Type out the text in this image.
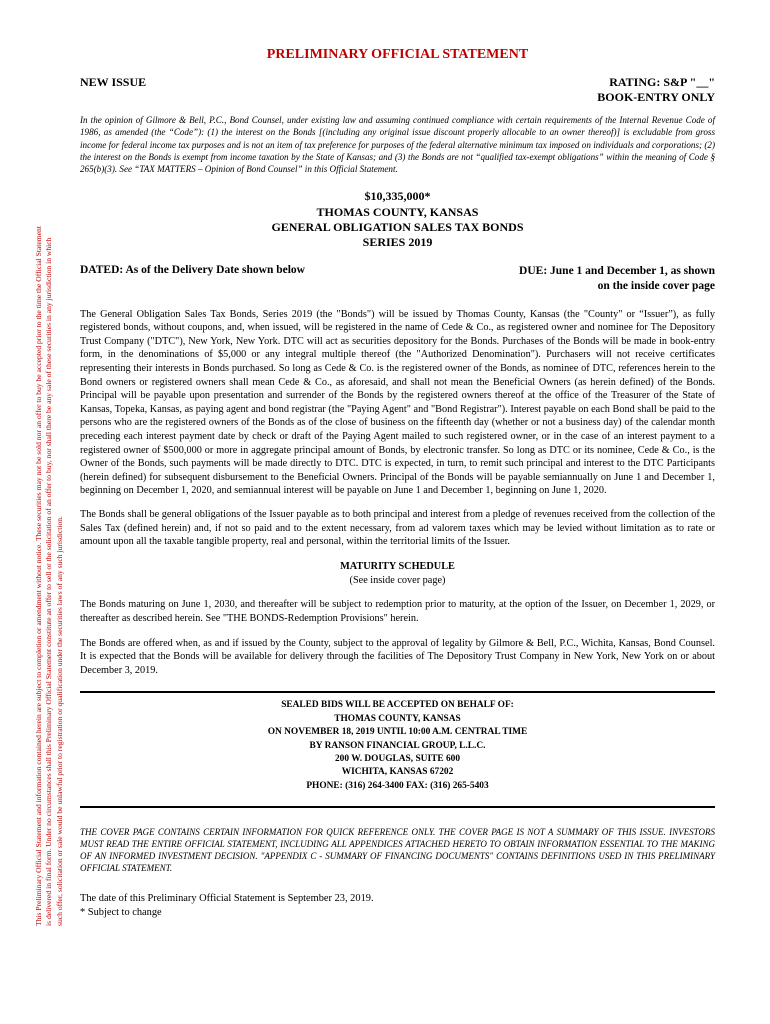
This Preliminary Official Statement and information contained herein are subject to completion or amendment without notice. These securities may not be sold nor an offer to buy be accepted prior to the time the Official Statement is delivered in final form. Under no circumstances shall this Preliminary Official Statement constitute an offer to sell or the solicitation of an offer to buy, nor shall there be any sale of these securities in any jurisdiction in which such offer, solicitation or sale would be unlawful prior to registration or qualification under the securities laws of any such jurisdiction.

PRELIMINARY OFFICIAL STATEMENT
NEW ISSUE	RATING: S&P "__"
BOOK-ENTRY ONLY
In the opinion of Gilmore & Bell, P.C., Bond Counsel, under existing law and assuming continued compliance with certain requirements of the Internal Revenue Code of 1986, as amended (the “Code”): (1) the interest on the Bonds [(including any original issue discount properly allocable to an owner thereof)] is excludable from gross income for federal income tax purposes and is not an item of tax preference for purposes of the federal alternative minimum tax imposed on individuals and corporations; (2) the interest on the Bonds is exempt from income taxation by the State of Kansas; and (3) the Bonds are not “qualified tax-exempt obligations” within the meaning of Code § 265(b)(3). See “TAX MATTERS – Opinion of Bond Counsel” in this Official Statement.
$10,335,000*
THOMAS COUNTY, KANSAS
GENERAL OBLIGATION SALES TAX BONDS
SERIES 2019
DATED: As of the Delivery Date shown below	DUE: June 1 and December 1, as shown
on the inside cover page
The General Obligation Sales Tax Bonds, Series 2019 (the "Bonds") will be issued by Thomas County, Kansas (the "County" or “Issuer”), as fully registered bonds, without coupons, and, when issued, will be registered in the name of Cede & Co., as registered owner and nominee for The Depository Trust Company ("DTC"), New York, New York. DTC will act as securities depository for the Bonds. Purchases of the Bonds will be made in book-entry form, in the denominations of $5,000 or any integral multiple thereof (the "Authorized Denomination"). Purchasers will not receive certificates representing their interests in Bonds purchased. So long as Cede & Co. is the registered owner of the Bonds, as nominee of DTC, references herein to the Bond owners or registered owners shall mean Cede & Co., as aforesaid, and shall not mean the Beneficial Owners (as herein defined) of the Bonds. Principal will be payable upon presentation and surrender of the Bonds by the registered owners thereof at the office of the Treasurer of the State of Kansas, Topeka, Kansas, as paying agent and bond registrar (the "Paying Agent" and "Bond Registrar"). Interest payable on each Bond shall be paid to the persons who are the registered owners of the Bonds as of the close of business on the fifteenth day (whether or not a business day) of the calendar month preceding each interest payment date by check or draft of the Paying Agent mailed to such registered owner, or in the case of an interest payment to a registered owner of $500,000 or more in aggregate principal amount of Bonds, by electronic transfer. So long as DTC or its nominee, Cede & Co., is the Owner of the Bonds, such payments will be made directly to DTC. DTC is expected, in turn, to remit such principal and interest to the DTC Participants (herein defined) for subsequent disbursement to the Beneficial Owners. Principal of the Bonds will be payable semiannually on June 1 and December 1, beginning on December 1, 2020, and semiannual interest will be payable on June 1 and December 1, beginning on June 1, 2020.
The Bonds shall be general obligations of the Issuer payable as to both principal and interest from a pledge of revenues received from the collection of the Sales Tax (defined herein) and, if not so paid and to the extent necessary, from ad valorem taxes which may be levied without limitation as to rate or amount upon all the taxable tangible property, real and personal, within the territorial limits of the Issuer.
MATURITY SCHEDULE
(See inside cover page)
The Bonds maturing on June 1, 2030, and thereafter will be subject to redemption prior to maturity, at the option of the Issuer, on December 1, 2029, or thereafter as described herein. See "THE BONDS-Redemption Provisions" herein.
The Bonds are offered when, as and if issued by the County, subject to the approval of legality by Gilmore & Bell, P.C., Wichita, Kansas, Bond Counsel. It is expected that the Bonds will be available for delivery through the facilities of The Depository Trust Company in New York, New York on or about December 3, 2019.
SEALED BIDS WILL BE ACCEPTED ON BEHALF OF:
THOMAS COUNTY, KANSAS
ON NOVEMBER 18, 2019 UNTIL 10:00 A.M. CENTRAL TIME
BY RANSON FINANCIAL GROUP, L.L.C.
200 W. DOUGLAS, SUITE 600
WICHITA, KANSAS 67202
PHONE: (316) 264-3400 FAX: (316) 265-5403
THE COVER PAGE CONTAINS CERTAIN INFORMATION FOR QUICK REFERENCE ONLY. THE COVER PAGE IS NOT A SUMMARY OF THIS ISSUE. INVESTORS MUST READ THE ENTIRE OFFICIAL STATEMENT, INCLUDING ALL APPENDICES ATTACHED HERETO TO OBTAIN INFORMATION ESSENTIAL TO THE MAKING OF AN INFORMED INVESTMENT DECISION. "APPENDIX C - SUMMARY OF FINANCING DOCUMENTS" CONTAINS DEFINITIONS USED IN THIS PRELIMINARY OFFICIAL STATEMENT.
The date of this Preliminary Official Statement is September 23, 2019.
* Subject to change
